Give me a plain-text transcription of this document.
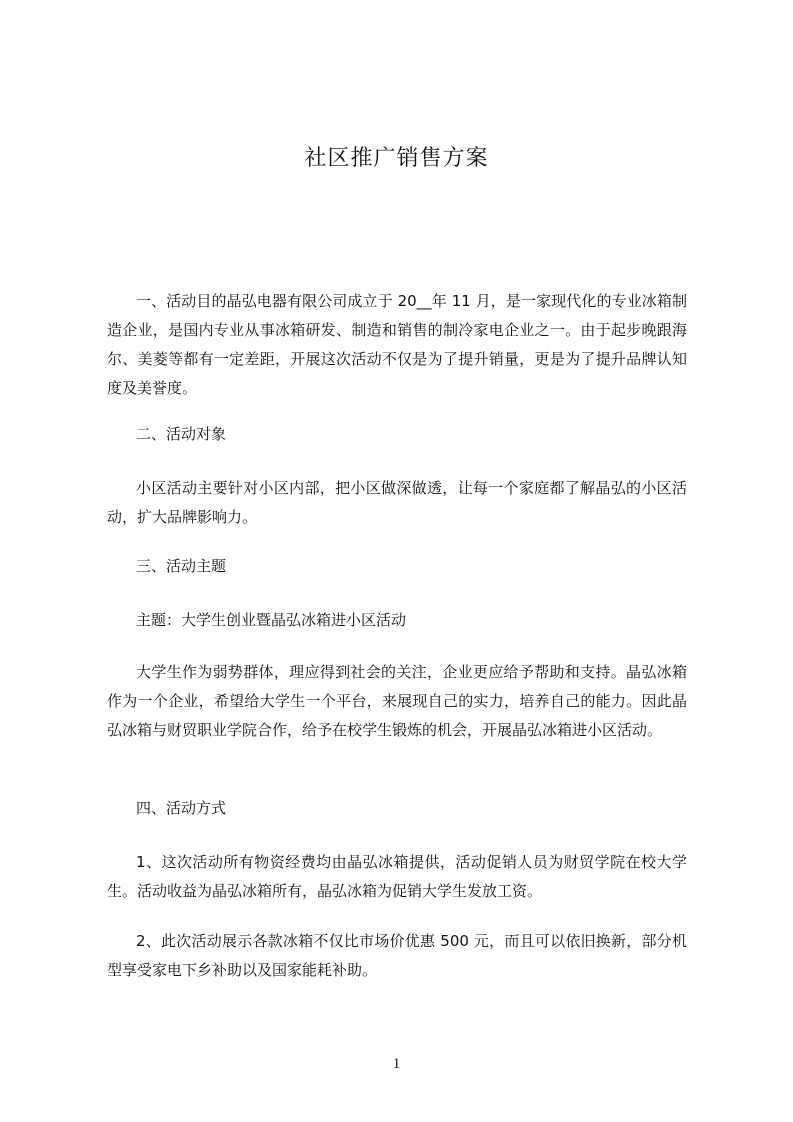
社区推广销售方案

一、活动目的晶弘电器有限公司成立于 20__年 11 月，是一家现代化的专业冰箱制造企业，是国内专业从事冰箱研发、制造和销售的制冷家电企业之一。由于起步晚跟海尔、美菱等都有一定差距，开展这次活动不仅是为了提升销量，更是为了提升品牌认知度及美誉度。

二、活动对象

小区活动主要针对小区内部，把小区做深做透，让每一个家庭都了解晶弘的小区活动，扩大品牌影响力。

三、活动主题

主题：大学生创业暨晶弘冰箱进小区活动

大学生作为弱势群体，理应得到社会的关注，企业更应给予帮助和支持。晶弘冰箱作为一个企业，希望给大学生一个平台，来展现自己的实力，培养自己的能力。因此晶弘冰箱与财贸职业学院合作，给予在校学生锻炼的机会，开展晶弘冰箱进小区活动。

四、活动方式

1、这次活动所有物资经费均由晶弘冰箱提供，活动促销人员为财贸学院在校大学生。活动收益为晶弘冰箱所有，晶弘冰箱为促销大学生发放工资。

2、此次活动展示各款冰箱不仅比市场价优惠 500 元，而且可以依旧换新，部分机型享受家电下乡补助以及国家能耗补助。

1
